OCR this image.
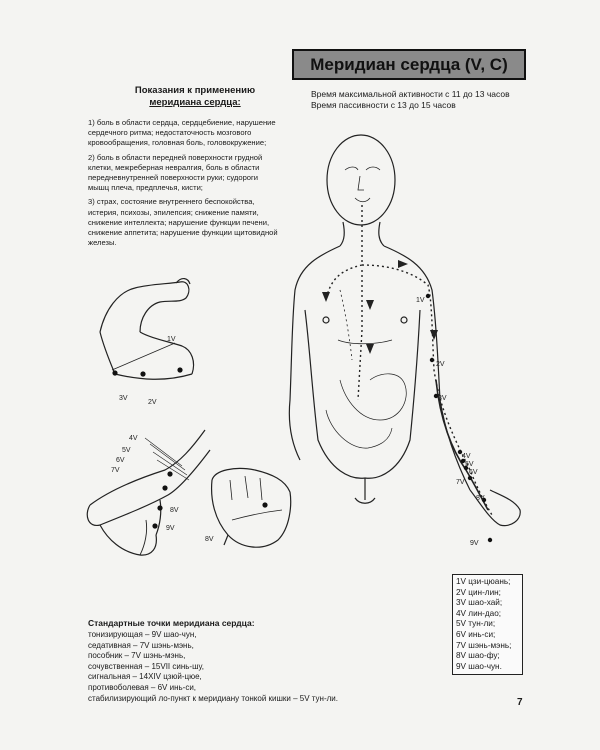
Меридиан сердца (V, С)
Время максимальной активности с 11 до 13 часов
Время пассивности с 13 до 15 часов
Показания к применению
меридиана сердца:

1) боль в области сердца, сердцебиение, нарушение сердечного ритма; недостаточность мозгового кровообращения, головная боль, головокружение;

2) боль в области передней поверхности грудной клетки, межреберная невралгия, боль в области передневнутренней поверхности руки; судороги мышц плеча, предплечья, кисти;

3) страх, состояние внутреннего беспокойства, истерия, психозы, эпилепсия; снижение памяти, снижение интеллекта; нарушение функции печени, снижение аппетита; нарушение функции щитовидной железы.

1V
3V
2V
4V
5V
6V
7V
8V
9V
8V
1V
2V
3V
4V
5V
6V
7V
8V
9V
Стандартные точки меридиана сердца:
тонизирующая – 9V шао-чун,
седативная – 7V шэнь-мэнь,
пособник – 7V шэнь-мэнь,
сочувственная – 15VII синь-шу,
сигнальная – 14XIV цзюй-цюе,
противоболевая – 6V инь-си,
стабилизирующий ло-пункт к меридиану тонкой кишки – 5V тун-ли.
1V цзи-цюань;
2V цин-лин;
3V шао-хай;
4V лин-дао;
5V тун-ли;
6V инь-си;
7V шэнь-мэнь;
8V шао-фу;
9V шао-чун.
7
